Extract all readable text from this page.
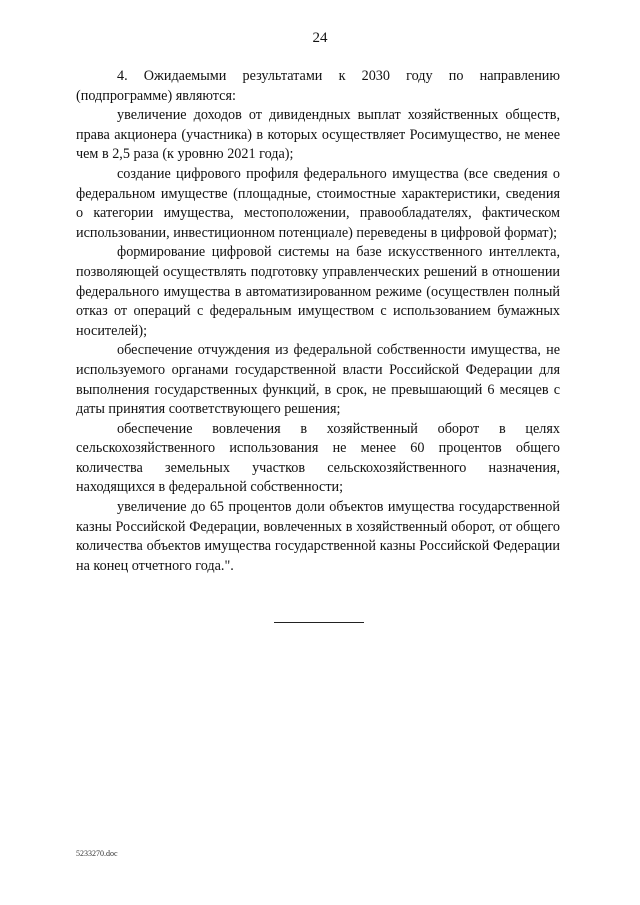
24

4. Ожидаемыми результатами к 2030 году по направлению (подпрограмме) являются:

увеличение доходов от дивидендных выплат хозяйственных обществ, права акционера (участника) в которых осуществляет Росимущество, не менее чем в 2,5 раза (к уровню 2021 года);

создание цифрового профиля федерального имущества (все сведения о федеральном имуществе (площадные, стоимостные характеристики, сведения о категории имущества, местоположении, правообладателях, фактическом использовании, инвестиционном потенциале) переведены в цифровой формат);

формирование цифровой системы на базе искусственного интеллекта, позволяющей осуществлять подготовку управленческих решений в отношении федерального имущества в автоматизированном режиме (осуществлен полный отказ от операций с федеральным имуществом с использованием бумажных носителей);

обеспечение отчуждения из федеральной собственности имущества, не используемого органами государственной власти Российской Федерации для выполнения государственных функций, в срок, не превышающий 6 месяцев с даты принятия соответствующего решения;

обеспечение вовлечения в хозяйственный оборот в целях сельскохозяйственного использования не менее 60 процентов общего количества земельных участков сельскохозяйственного назначения, находящихся в федеральной собственности;

увеличение до 65 процентов доли объектов имущества государственной казны Российской Федерации, вовлеченных в хозяйственный оборот, от общего количества объектов имущества государственной казны Российской Федерации на конец отчетного года.".

5233270.doc
